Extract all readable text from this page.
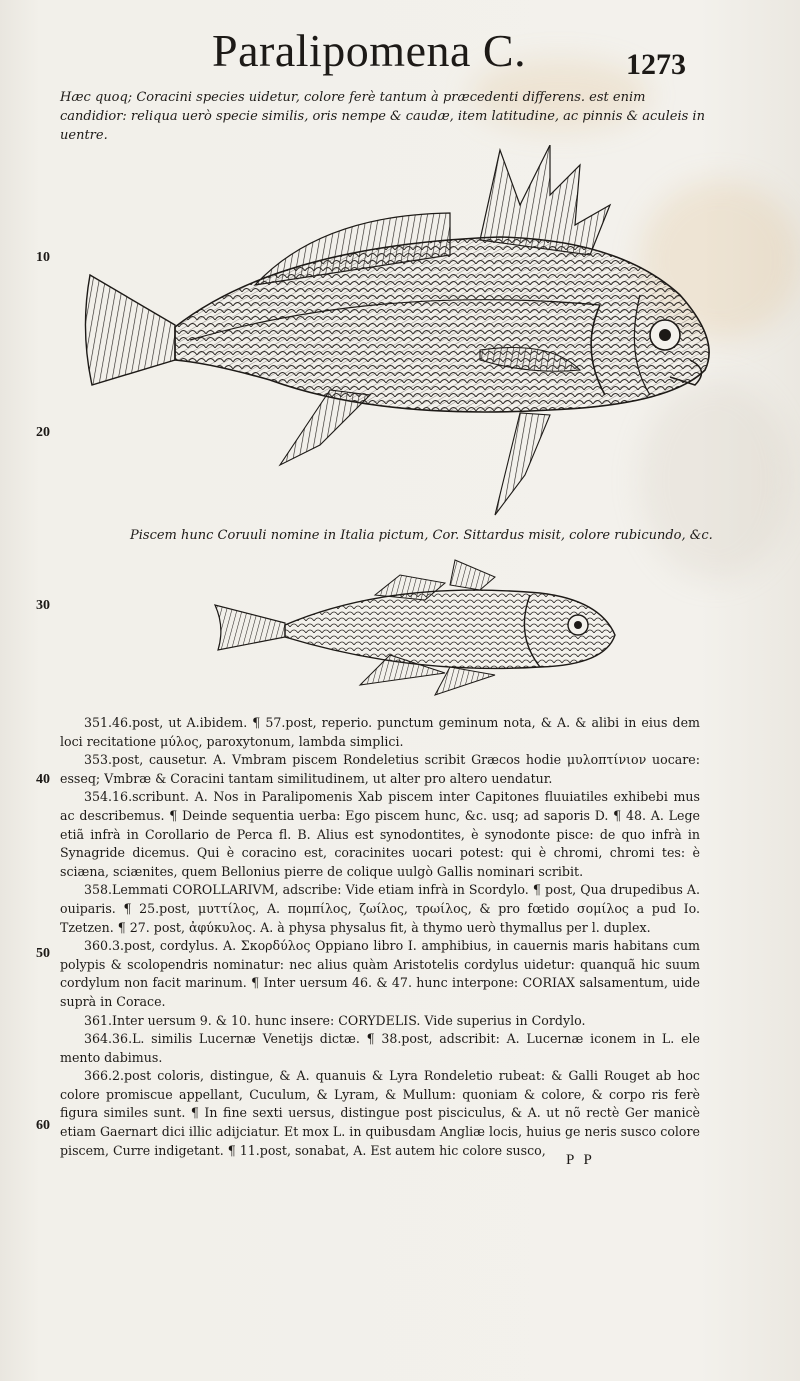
Paralipomena C.	1273
Hæc quoq; Coracini species uidetur, colore ferè tantum à præcedenti differens. est enim candidior: reliqua uerò specie similis, oris nempe & caudæ, item latitudine, ac pinnis & aculeis in uentre.
10
20
30
40
50
60
Piscem hunc Coruuli nomine in Italia pictum, Cor. Sittardus misit, colore rubicundo, &c.

351.46.post, ut A.ibidem. ¶ 57.post, reperio. punctum geminum nota, & A. & alibi in eius dem loci recitatione μύλος, paroxytonum, lambda simplici.

353.post, causetur. A. Vmbram piscem Rondeletius scribit Græcos hodie μυλοπτίνιον uocare: esseq; Vmbræ & Coracini tantam similitudinem, ut alter pro altero uendatur.

354.16.scribunt. A. Nos in Paralipomenis Xab piscem inter Capitones fluuiatiles exhibebi mus ac describemus. ¶ Deinde sequentia uerba: Ego piscem hunc, &c. usq; ad saporis D. ¶ 48. A. Lege etiã infrà in Corollario de Perca fl. B. Alius est synodontites, è synodonte pisce: de quo infrà in Synagride dicemus. Qui è coracino est, coracinites uocari potest: qui è chromi, chromi tes: è sciæna, sciænites, quem Bellonius pierre de colique uulgò Gallis nominari scribit.

358.Lemmati COROLLARIVM, adscribe: Vide etiam infrà in Scordylo. ¶ post, Qua drupedibus A. ouiparis. ¶ 25.post, μυττίλος, A. πομπίλος, ζωίλος, τρωίλος, & pro fœtido σομίλος a pud Io. Tzetzen. ¶ 27. post, ἀφύκυλος. A. à physa physalus fit, à thymo uerò thymallus per l. duplex.

360.3.post, cordylus. A. Σκορδύλος Oppiano libro I. amphibius, in cauernis maris habitans cum polypis & scolopendris nominatur: nec alius quàm Aristotelis cordylus uidetur: quanquã hic suum cordylum non facit marinum. ¶ Inter uersum 46. & 47. hunc interpone: CORIAX salsamentum, uide suprà in Corace.

361.Inter uersum 9. & 10. hunc insere: CORYDELIS. Vide superius in Cordylo.

364.36.L. similis Lucernæ Venetijs dictæ. ¶ 38.post, adscribit: A. Lucernæ iconem in L. ele mento dabimus.

366.2.post coloris, distingue, & A. quanuis & Lyra Rondeletio rubeat: & Galli Rouget ab hoc colore promiscue appellant, Cuculum, & Lyram, & Mullum: quoniam & colore, & corpo ris ferè figura similes sunt. ¶ In fine sexti uersus, distingue post pisciculus, & A. ut nõ rectè Ger manicè etiam Gaernart dici illic adijciatur. Et mox L. in quibusdam Angliæ locis, huius ge neris susco colore piscem, Curre indigetant. ¶ 11.post, sonabat, A. Est autem hic colore susco,

P P
